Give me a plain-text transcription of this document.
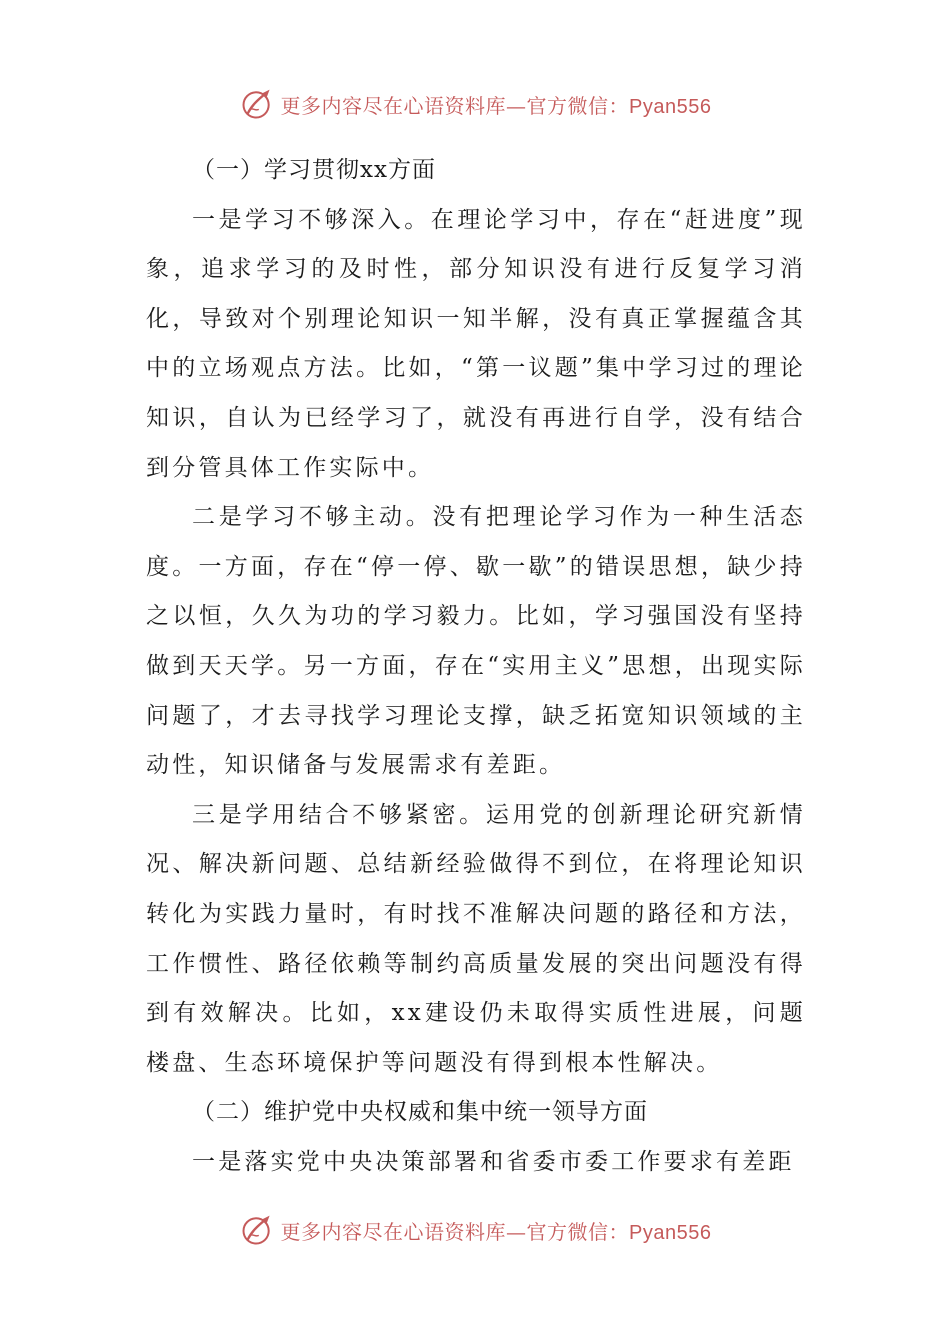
更多内容尽在心语资料库—官方微信：Pyan556

（一）学习贯彻xx方面

一是学习不够深入。在理论学习中，存在“赶进度”现象，追求学习的及时性，部分知识没有进行反复学习消化，导致对个别理论知识一知半解，没有真正掌握蕴含其中的立场观点方法。比如，“第一议题”集中学习过的理论知识，自认为已经学习了，就没有再进行自学，没有结合到分管具体工作实际中。

二是学习不够主动。没有把理论学习作为一种生活态度。一方面，存在“停一停、歇一歇”的错误思想，缺少持之以恒，久久为功的学习毅力。比如，学习强国没有坚持做到天天学。另一方面，存在“实用主义”思想，出现实际问题了，才去寻找学习理论支撑，缺乏拓宽知识领域的主动性，知识储备与发展需求有差距。

三是学用结合不够紧密。运用党的创新理论研究新情况、解决新问题、总结新经验做得不到位，在将理论知识转化为实践力量时，有时找不准解决问题的路径和方法，工作惯性、路径依赖等制约高质量发展的突出问题没有得到有效解决。比如，xx建设仍未取得实质性进展，问题楼盘、生态环境保护等问题没有得到根本性解决。

（二）维护党中央权威和集中统一领导方面

一是落实党中央决策部署和省委市委工作要求有差距

更多内容尽在心语资料库—官方微信：Pyan556
